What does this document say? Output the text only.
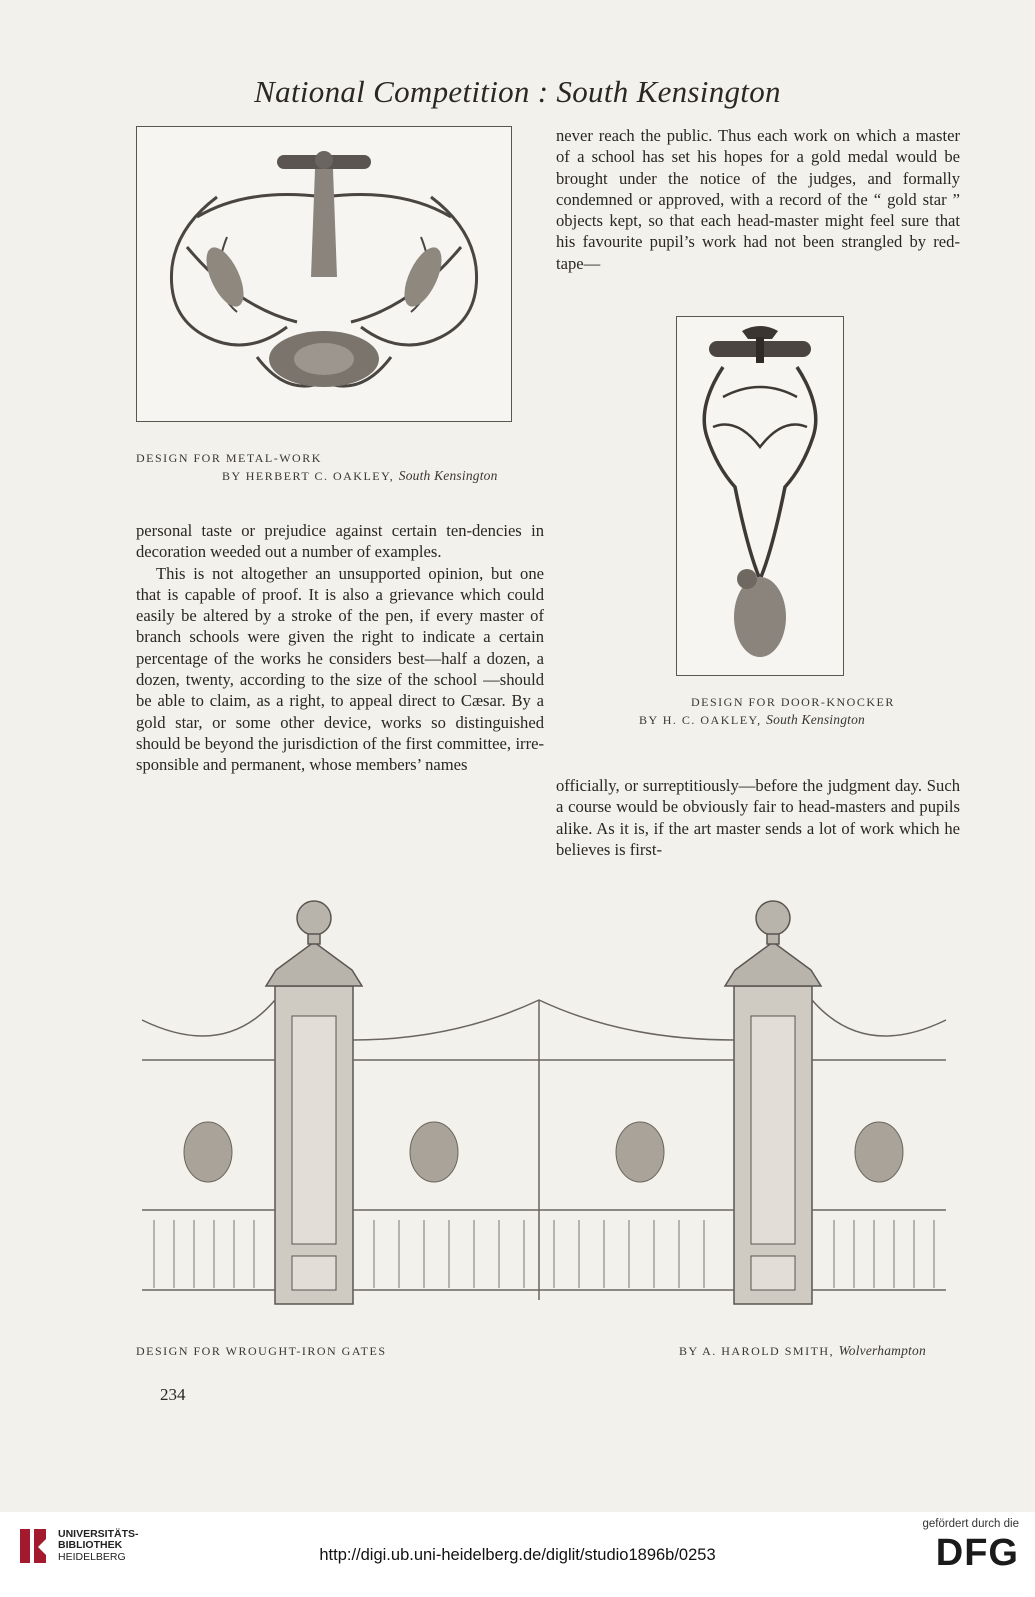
National Competition : South Kensington
DESIGN FOR METAL-WORK
BY HERBERT C. OAKLEY, South Kensington

never reach the public. Thus each work on which a master of a school has set his hopes for a gold medal would be brought under the notice of the judges, and formally condemned or approved, with a record of the “ gold star ” objects kept, so that each head-master might feel sure that his favourite pupil’s work had not been strangled by red-tape—

DESIGN FOR DOOR-KNOCKER
BY H. C. OAKLEY, South Kensington

personal taste or prejudice against certain ten-dencies in decoration weeded out a number of examples.

This is not altogether an unsupported opinion, but one that is capable of proof. It is also a grievance which could easily be altered by a stroke of the pen, if every master of branch schools were given the right to indicate a certain percentage of the works he considers best—half a dozen, a dozen, twenty, according to the size of the school —should be able to claim, as a right, to appeal direct to Cæsar. By a gold star, or some other device, works so distinguished should be beyond the jurisdiction of the first committee, irre-sponsible and permanent, whose members’ names

officially, or surreptitiously—before the judgment day. Such a course would be obviously fair to head-masters and pupils alike. As it is, if the art master sends a lot of work which he believes is first-

DESIGN FOR WROUGHT-IRON GATES	BY A. HAROLD SMITH, Wolverhampton
234
UNIVERSITÄTS-
BIBLIOTHEK
HEIDELBERG	http://digi.ub.uni-heidelberg.de/diglit/studio1896b/0253
gefördert durch die
DFG
